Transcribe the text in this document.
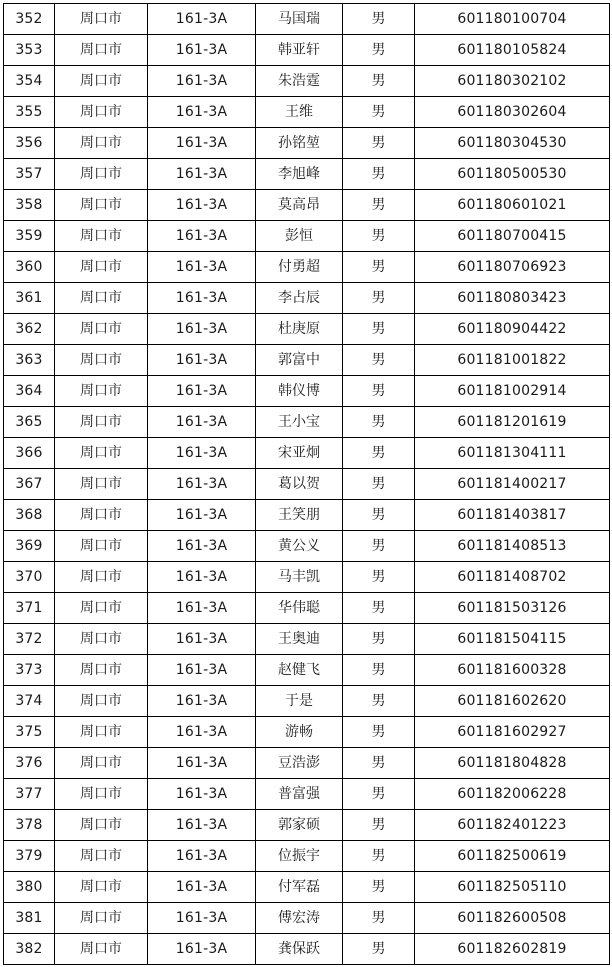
352	周口市	161-3A	马国瑞	男	601180100704
353	周口市	161-3A	韩亚轩	男	601180105824
354	周口市	161-3A	朱浩霆	男	601180302102
355	周口市	161-3A	王维	男	601180302604
356	周口市	161-3A	孙铭堃	男	601180304530
357	周口市	161-3A	李旭峰	男	601180500530
358	周口市	161-3A	莫高昂	男	601180601021
359	周口市	161-3A	彭恒	男	601180700415
360	周口市	161-3A	付勇超	男	601180706923
361	周口市	161-3A	李占辰	男	601180803423
362	周口市	161-3A	杜庚原	男	601180904422
363	周口市	161-3A	郭富中	男	601181001822
364	周口市	161-3A	韩仪博	男	601181002914
365	周口市	161-3A	王小宝	男	601181201619
366	周口市	161-3A	宋亚炯	男	601181304111
367	周口市	161-3A	葛以贺	男	601181400217
368	周口市	161-3A	王笑朋	男	601181403817
369	周口市	161-3A	黄公义	男	601181408513
370	周口市	161-3A	马丰凯	男	601181408702
371	周口市	161-3A	华伟聪	男	601181503126
372	周口市	161-3A	王奥迪	男	601181504115
373	周口市	161-3A	赵健飞	男	601181600328
374	周口市	161-3A	于是	男	601181602620
375	周口市	161-3A	游畅	男	601181602927
376	周口市	161-3A	豆浩澎	男	601181804828
377	周口市	161-3A	普富强	男	601182006228
378	周口市	161-3A	郭家硕	男	601182401223
379	周口市	161-3A	位振宇	男	601182500619
380	周口市	161-3A	付军磊	男	601182505110
381	周口市	161-3A	傅宏涛	男	601182600508
382	周口市	161-3A	龚保跃	男	601182602819
